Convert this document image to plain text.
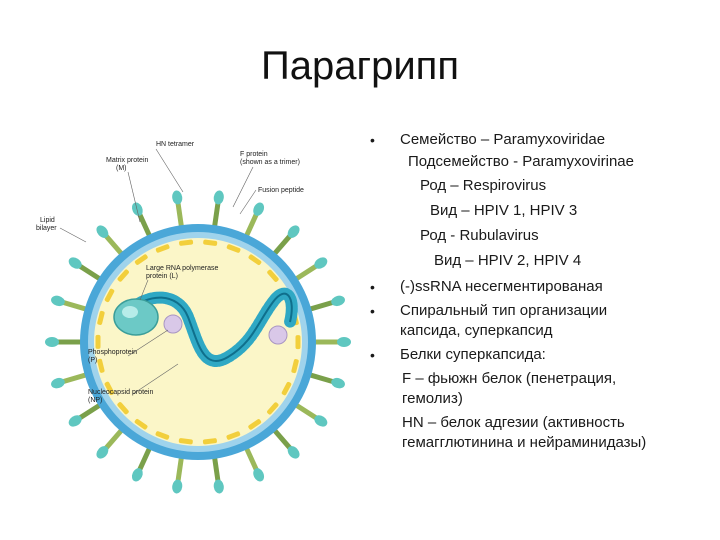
Парагрипп
HN tetramer
Matrix protein
(M)
F protein
(shown as a trimer)
Fusion peptide
Lipid
bilayer
Large RNA polymerase
protein (L)
Phosphoprotein
(P)
Nucleocapsid protein
(NP)
• Семейство – Paramyxoviridae
Подсемейство - Paramyxovirinae
Род – Respirovirus
Вид – HPIV 1, HPIV 3
Род - Rubulavirus
Вид – HPIV 2, HPIV 4
• (-)ssRNA несегментированая
• Спиральный тип организации
капсида, суперкапсид
• Белки суперкапсида:
F – фьюжн белок (пенетрация,
гемолиз)
HN – белок адгезии (активность
гемагглютинина и нейраминидазы)
